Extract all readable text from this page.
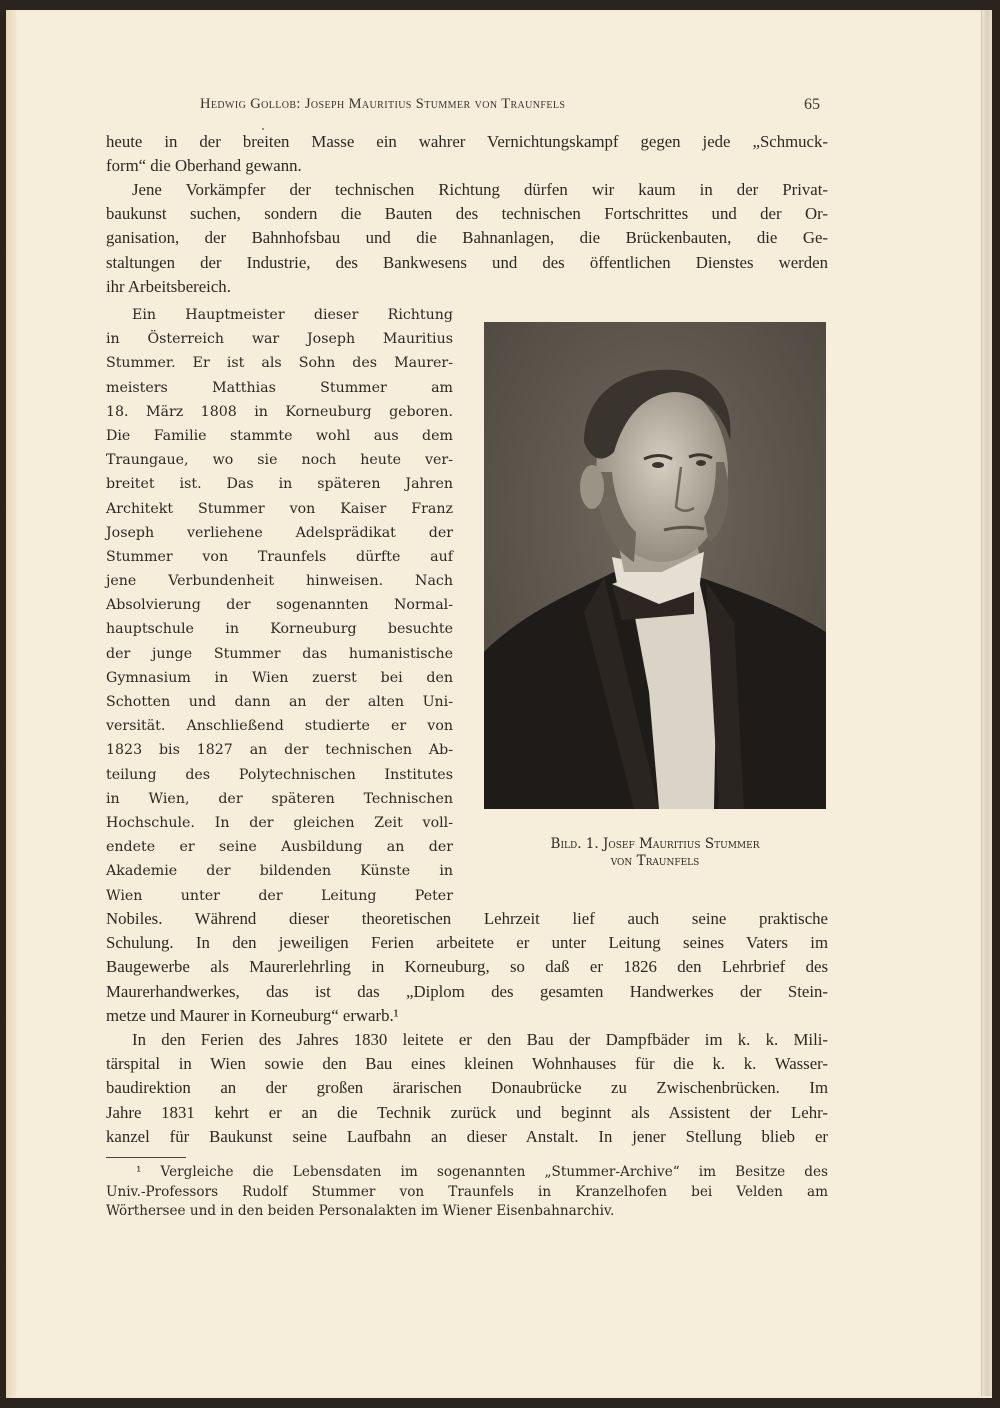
Hedwig Gollob: Joseph Mauritius Stummer von Traunfels	65
heute in der breiten Masse ein wahrer Vernichtungskampf gegen jede „Schmuck-
form“ die Oberhand gewann.
Jene Vorkämpfer der technischen Richtung dürfen wir kaum in der Privat-
baukunst suchen, sondern die Bauten des technischen Fortschrittes und der Or-
ganisation, der Bahnhofsbau und die Bahnanlagen, die Brückenbauten, die Ge-
staltungen der Industrie, des Bankwesens und des öffentlichen Dienstes werden
ihr Arbeitsbereich.
Ein Hauptmeister dieser Richtung
in Österreich war Joseph Mauritius
Stummer. Er ist als Sohn des Maurer-
meisters Matthias Stummer am
18. März 1808 in Korneuburg geboren.
Die Familie stammte wohl aus dem
Traungaue, wo sie noch heute ver-
breitet ist. Das in späteren Jahren
Architekt Stummer von Kaiser Franz
Joseph verliehene Adelsprädikat der
Stummer von Traunfels dürfte auf
jene Verbundenheit hinweisen. Nach
Absolvierung der sogenannten Normal-
hauptschule in Korneuburg besuchte
der junge Stummer das humanistische
Gymnasium in Wien zuerst bei den
Schotten und dann an der alten Uni-
versität. Anschließend studierte er von
1823 bis 1827 an der technischen Ab-
teilung des Polytechnischen Institutes
in Wien, der späteren Technischen
Hochschule. In der gleichen Zeit voll-
endete er seine Ausbildung an der
Akademie der bildenden Künste in
Wien unter der Leitung Peter
Bild. 1. Josef Mauritius Stummer
von Traunfels
Nobiles. Während dieser theoretischen Lehrzeit lief auch seine praktische
Schulung. In den jeweiligen Ferien arbeitete er unter Leitung seines Vaters im
Baugewerbe als Maurerlehrling in Korneuburg, so daß er 1826 den Lehrbrief des
Maurerhandwerkes, das ist das „Diplom des gesamten Handwerkes der Stein-
metze und Maurer in Korneuburg“ erwarb.¹
In den Ferien des Jahres 1830 leitete er den Bau der Dampfbäder im k. k. Mili-
tärspital in Wien sowie den Bau eines kleinen Wohnhauses für die k. k. Wasser-
baudirektion an der großen ärarischen Donaubrücke zu Zwischenbrücken. Im
Jahre 1831 kehrt er an die Technik zurück und beginnt als Assistent der Lehr-
kanzel für Baukunst seine Laufbahn an dieser Anstalt. In jener Stellung blieb er
¹ Vergleiche die Lebensdaten im sogenannten „Stummer-Archive“ im Besitze des
Univ.-Professors Rudolf Stummer von Traunfels in Kranzelhofen bei Velden am
Wörthersee und in den beiden Personalakten im Wiener Eisenbahnarchiv.
